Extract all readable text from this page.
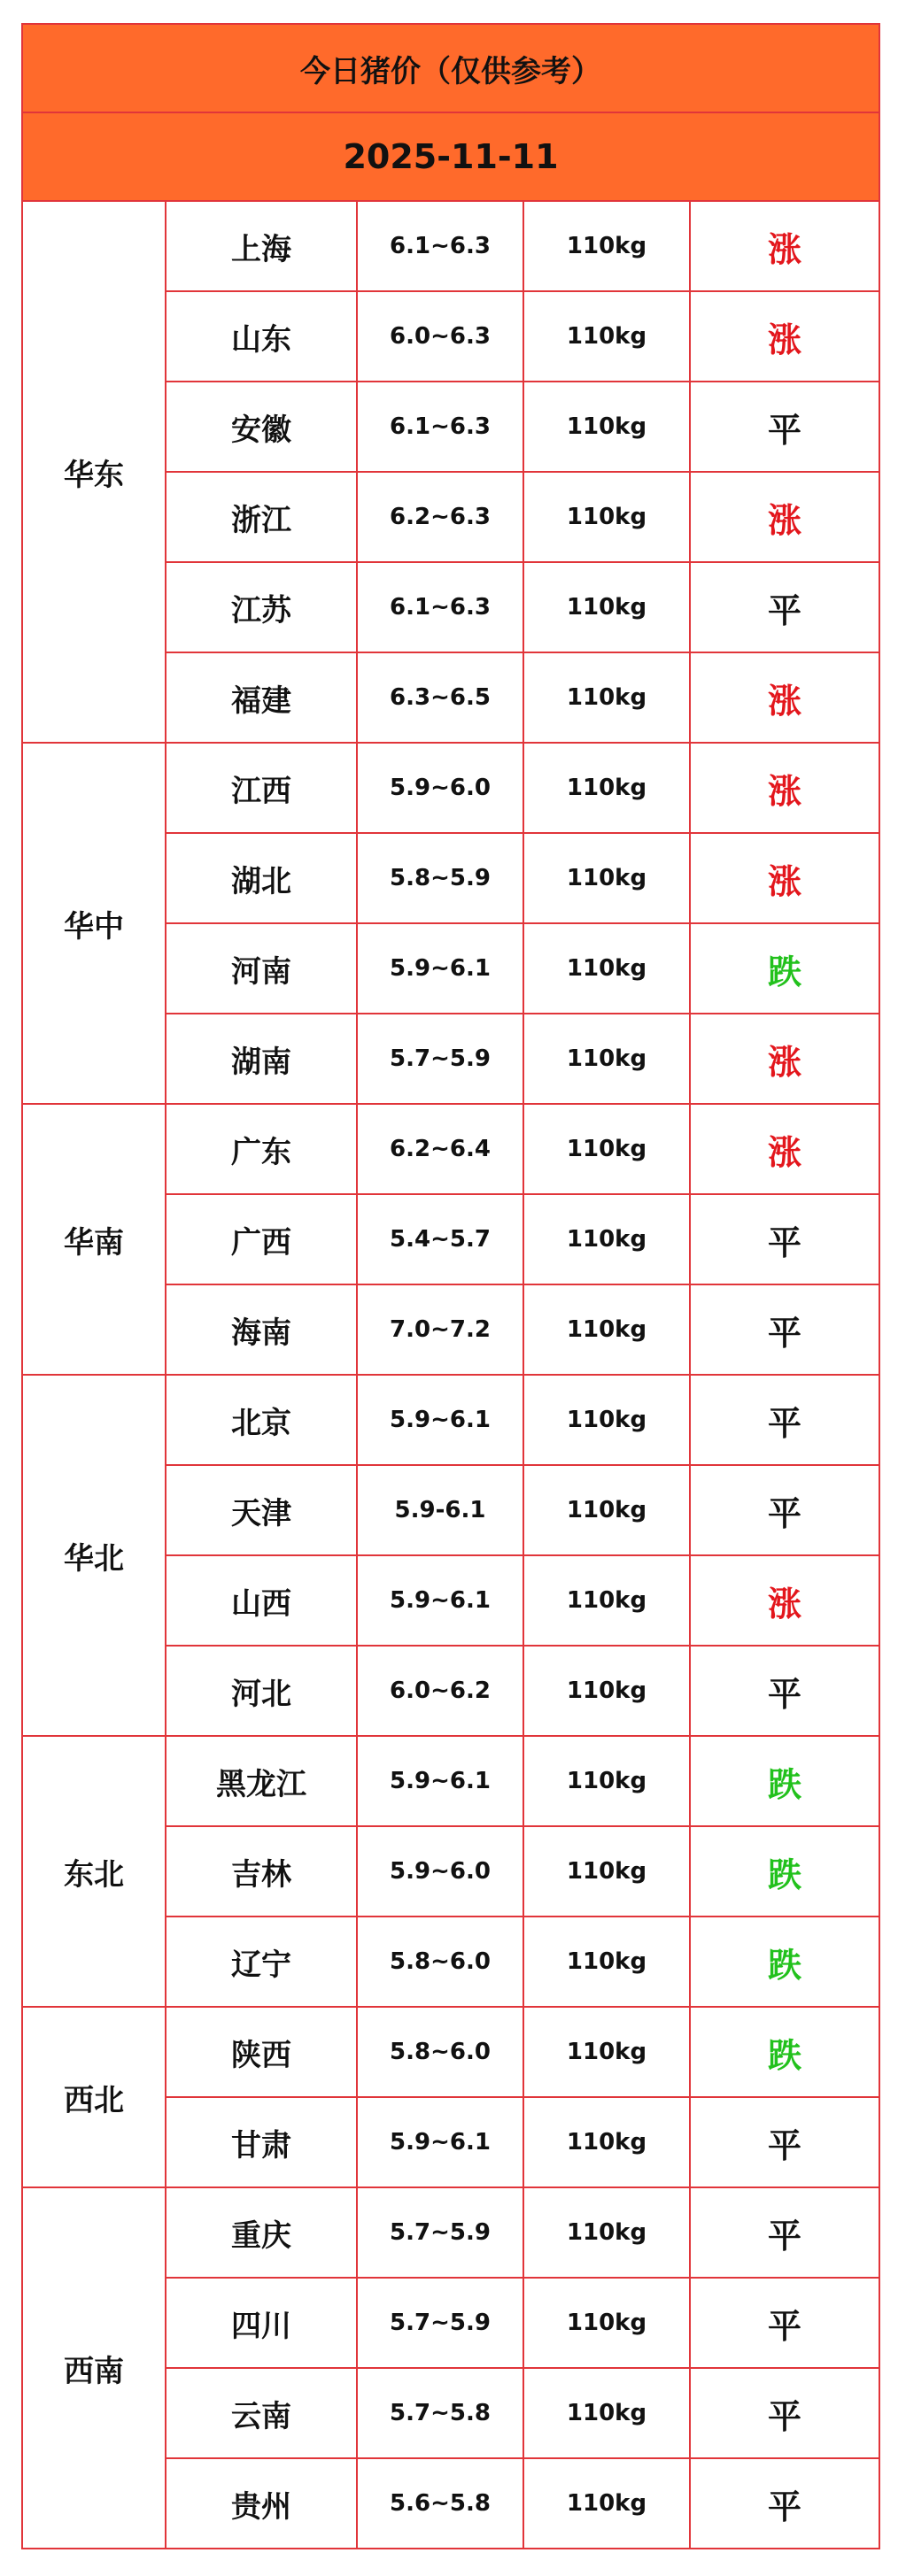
今日猪价（仅供参考）				
2025-11-11				
华东	上海	6.1~6.3	110kg	涨
	山东	6.0~6.3	110kg	涨
	安徽	6.1~6.3	110kg	平
	浙江	6.2~6.3	110kg	涨
	江苏	6.1~6.3	110kg	平
	福建	6.3~6.5	110kg	涨
华中	江西	5.9~6.0	110kg	涨
	湖北	5.8~5.9	110kg	涨
	河南	5.9~6.1	110kg	跌
	湖南	5.7~5.9	110kg	涨
华南	广东	6.2~6.4	110kg	涨
	广西	5.4~5.7	110kg	平
	海南	7.0~7.2	110kg	平
华北	北京	5.9~6.1	110kg	平
	天津	5.9-6.1	110kg	平
	山西	5.9~6.1	110kg	涨
	河北	6.0~6.2	110kg	平
东北	黑龙江	5.9~6.1	110kg	跌
	吉林	5.9~6.0	110kg	跌
	辽宁	5.8~6.0	110kg	跌
西北	陕西	5.8~6.0	110kg	跌
	甘肃	5.9~6.1	110kg	平
西南	重庆	5.7~5.9	110kg	平
	四川	5.7~5.9	110kg	平
	云南	5.7~5.8	110kg	平
	贵州	5.6~5.8	110kg	平
